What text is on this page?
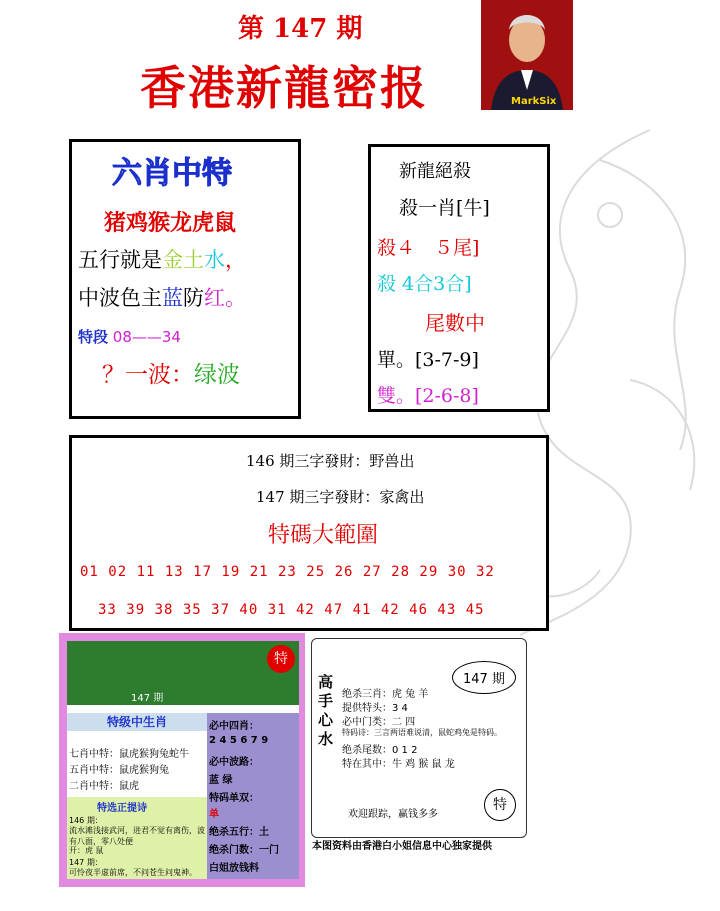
第 147 期
香港新龍密报	MarkSix
六肖中特
猪鸡猴龙虎鼠
五行就是金土水，
中波色主蓝防红。
特段 08——34
？一波：绿波
新龍絕殺
殺一肖[牛]
殺４　５尾]
殺 4合3合]
尾數中
單。[3-7-9]
雙。[2-6-8]
146 期三字發財：野兽出
147 期三字發財：家禽出
特碼大範圍
01 02 11 13 17 19 21 23 25 26 27 28 29 30 32
33 39 38 35 37 40 31 42 47 41 42 46 43 45
147 期
特
特级中生肖
七肖中特：鼠虎猴狗兔蛇牛
五肖中特：鼠虎猴狗兔
二肖中特：鼠虎
必中四肖：
2 4 5 6 7 9
必中波路：
蓝 绿
特码单双：
单
绝杀五行：土
绝杀门数：一门
白姐放钱料
特选正提诗
146 期：
流水滩浅接武河，进君不觉有离伤，波有八面，零八处便
开：虎 鼠
147 期：
可怜夜半虚前席，不问苍生问鬼神。
高手心水
147 期
绝杀三肖：虎 兔 羊
提供特头：3 4
必中门类：二 四
特码诗：三言两语难说清，鼠蛇鸡兔是特码。
绝杀尾数：0 1 2
特在其中：牛 鸡 猴 鼠 龙
欢迎跟踪，赢钱多多
特
本图资料由香港白小姐信息中心独家提供
